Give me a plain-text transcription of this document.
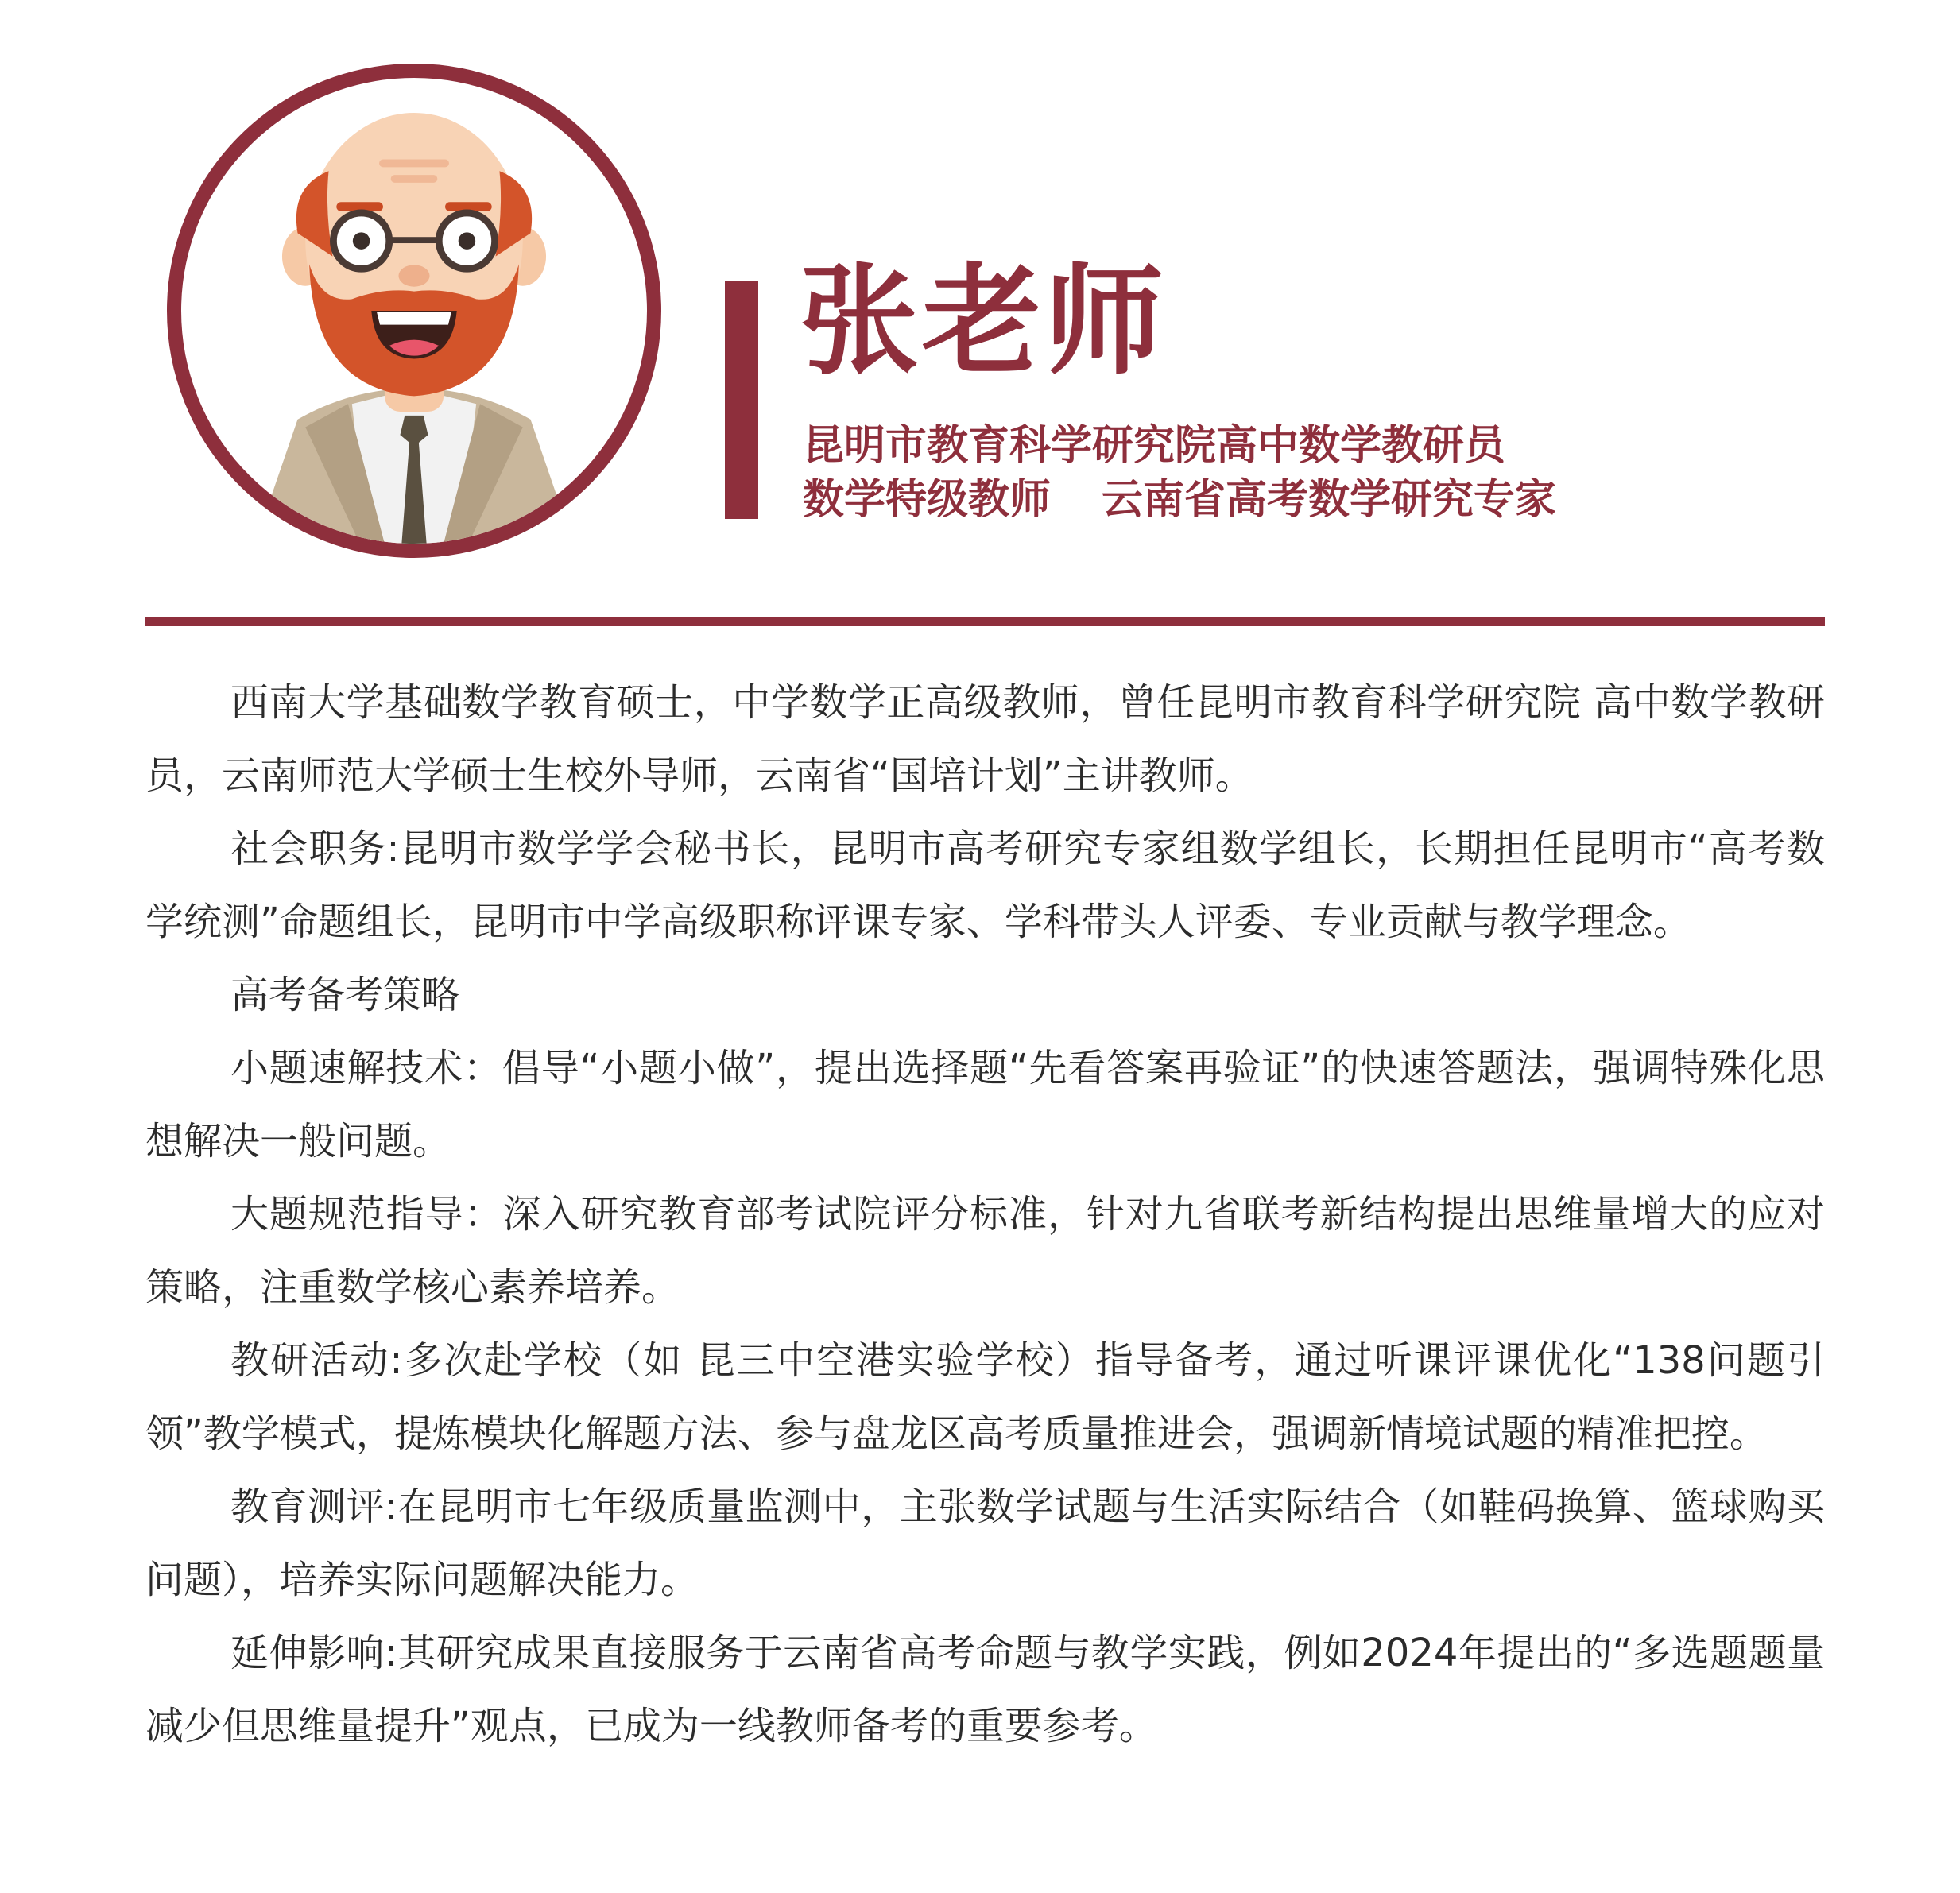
张老师
昆明市教育科学研究院高中数学教研员
数学特级教师 云南省高考数学研究专家

西南大学基础数学教育硕士，中学数学正高级教师，曾任昆明市教育科学研究院 高中数学教研员，云南师范大学硕士生校外导师，云南省“国培计划”主讲教师。

社会职务:昆明市数学学会秘书长，昆明市高考研究专家组数学组长，长期担任昆明市“高考数学统测”命题组长，昆明市中学高级职称评课专家、学科带头人评委、专业贡献与教学理念。

高考备考策略

小题速解技术：倡导“小题小做”，提出选择题“先看答案再验证”的快速答题法，强调特殊化思想解决一般问题。

大题规范指导：深入研究教育部考试院评分标准，针对九省联考新结构提出思维量增大的应对策略，注重数学核心素养培养。

教研活动:多次赴学校（如 昆三中空港实验学校）指导备考，通过听课评课优化“138问题引领”教学模式，提炼模块化解题方法、参与盘龙区高考质量推进会，强调新情境试题的精准把控。

教育测评:在昆明市七年级质量监测中，主张数学试题与生活实际结合（如鞋码换算、篮球购买问题），培养实际问题解决能力。

延伸影响:其研究成果直接服务于云南省高考命题与教学实践，例如2024年提出的“多选题题量减少但思维量提升”观点，已成为一线教师备考的重要参考。
